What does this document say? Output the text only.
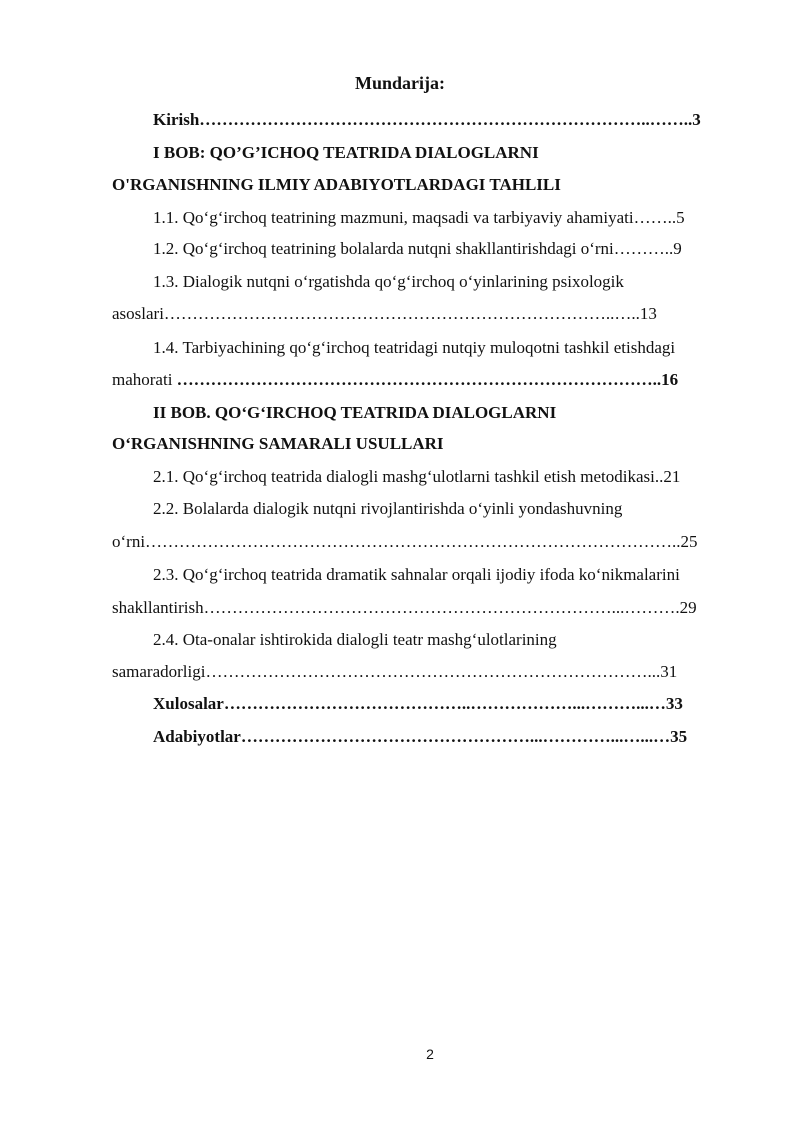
Mundarija:
Kirish……………………………………………………………………..……..3
I BOB: QO’G’ICHOQ TEATRIDA DIALOGLARNI
O'RGANISHNING ILMIY ADABIYOTLARDAGI TAHLILI
1.1. Qo‘g‘irchoq teatrining mazmuni, maqsadi va tarbiyaviy ahamiyati……..5
1.2. Qo‘g‘irchoq teatrining bolalarda nutqni shakllantirishdagi o‘rni………..9
1.3. Dialogik nutqni o‘rgatishda qo‘g‘irchoq o‘yinlarining psixologik
asoslari……………………………………………………………………..…..13
1.4. Tarbiyachining qo‘g‘irchoq teatridagi nutqiy muloqotni tashkil etishdagi
mahorati …………………………………………………………………………..16
II BOB. QO‘G‘IRCHOQ TEATRIDA DIALOGLARNI
O‘RGANISHNING SAMARALI USULLARI
2.1. Qo‘g‘irchoq teatrida dialogli mashg‘ulotlarni tashkil etish metodikasi..21
2.2. Bolalarda dialogik nutqni rivojlantirishda o‘yinli yondashuvning
o‘rni…………………………………………………………………………………..25
2.3. Qo‘g‘irchoq teatrida dramatik sahnalar orqali ijodiy ifoda ko‘nikmalarini
shakllantirish………………………………………………………………...……….29
2.4. Ota-onalar ishtirokida dialogli teatr mashg‘ulotlarining
samaradorligi……………………………………………………………………...31
Xulosalar……………………………………..………………...………...…33
Adabiyotlar……………………………………………...…………...…...…35
2
